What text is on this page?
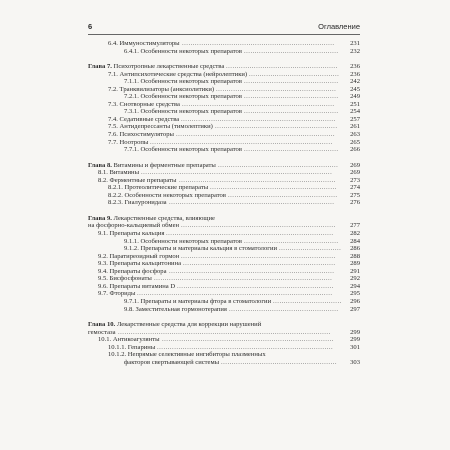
6	Оглавление
6.4. Иммуностимуляторы .......................................................................	231
6.4.1. Особенности некоторых препаратов ............................................	232
Глава 7. Психотропные лекарственные средства ....................................................	236
7.1. Антипсихотические средства (нейролептики) ..........................................	236
7.1.1. Особенности некоторых препаратов ............................................	242
7.2. Транквилизаторы (анксиолитики) ........................................................	245
7.2.1. Особенности некоторых препаратов ............................................	249
7.3. Снотворные средства .......................................................................	251
7.3.1. Особенности некоторых препаратов ............................................	254
7.4. Седативные средства ........................................................................	257
7.5. Антидепрессанты (тимолептики) .........................................................	261
7.6. Психостимуляторы ..........................................................................	263
7.7. Ноотропы .....................................................................................	265
7.7.1. Особенности некоторых препаратов ............................................	266
Глава 8. Витамины и ферментные препараты ........................................................	269
8.1. Витамины .........................................................................................	269
8.2. Ферментные препараты .........................................................................	273
8.2.1. Протеолитические препараты ...........................................................	274
8.2.2. Особенности некоторых препаратов ...................................................	275
8.2.3. Гиалуронидаза .............................................................................	276
Глава 9. Лекарственные средства, влияющие
на фосфорно-кальциевый обмен ........................................................................	277
9.1. Препараты кальция ..............................................................................	282
9.1.1. Особенности некоторых препаратов ............................................	284
9.1.2. Препараты и материалы кальция в стоматологии .............................	286
9.2. Паратиреоидный гормон ........................................................................	288
9.3. Препараты кальцитонина .......................................................................	289
9.4. Препараты фосфора .............................................................................	291
9.5. Бисфосфонаты ...................................................................................	292
9.6. Препараты витамина D .........................................................................	294
9.7. Фториды ...........................................................................................	295
9.7.1. Препараты и материалы фтора в стоматологии ................................	296
9.8. Заместительная гормонотерапия ...................................................	297
Глава 10. Лекарственные средства для коррекции нарушений
гемостаза ...................................................................................................	299
10.1. Антикоагулянты ................................................................................	299
10.1.1. Гепарины ..................................................................................	301
10.1.2. Непрямые селективные ингибиторы плазменных
факторов свертывающей системы ......................................................	303
